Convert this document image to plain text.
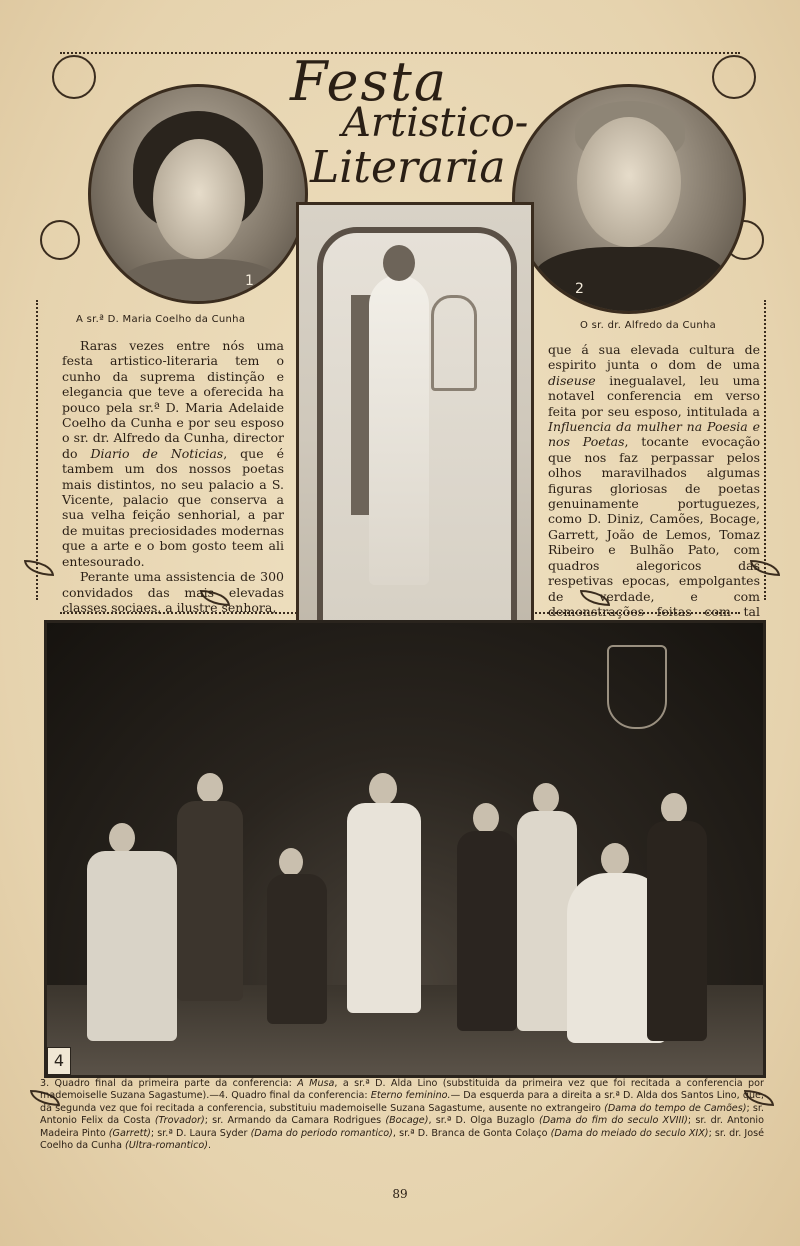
Festa
Artistico-
Literaria
1
A sr.ª D. Maria Coelho da Cunha
2
O sr. dr. Alfredo da Cunha

Raras vezes entre nós uma festa artistico-literaria tem o cunho da suprema distinção e elegancia que teve a oferecida ha pouco pela sr.ª D. Maria Adelaide Coelho da Cunha e por seu esposo o sr. dr. Alfredo da Cunha, director do Diario de Noticias, que é tambem um dos nossos poetas mais distintos, no seu palacio a S. Vicente, palacio que conserva a sua velha feição senhorial, a par de muitas preciosidades modernas que a arte e o bom gosto teem ali entesourado.

Perante uma assistencia de 300 convidados das mais elevadas classes sociaes, a ilustre senhora,

que á sua elevada cultura de espirito junta o dom de uma diseuse inegualavel, leu uma notavel conferencia em verso feita por seu esposo, intitulada a Influencia da mulher na Poesia e nos Poetas, tocante evocação que nos faz perpassar pelos olhos maravilhados algumas figuras gloriosas de poetas genuinamente portuguezes, como D. Diniz, Camões, Bocage, Garrett, João de Lemos, Tomaz Ribeiro e Bulhão Pato, com quadros alegoricos das respetivas epocas, empolgantes de verdade, e com demonstrações feitas com tal

4
3. Quadro final da primeira parte da conferencia: A Musa, a sr.ª D. Alda Lino (substituida da primeira vez que foi recitada a conferencia por mademoiselle Suzana Sagastume).—4. Quadro final da conferencia: Eterno feminino.— Da esquerda para a direita a sr.ª D. Alda dos Santos Lino, que, da segunda vez que foi recitada a conferencia, substituiu mademoiselle Suzana Sagastume, ausente no extrangeiro (Dama do tempo de Camões); sr. Antonio Felix da Costa (Trovador); sr. Armando da Camara Rodrigues (Bocage), sr.ª D. Olga Buzaglo (Dama do fim do seculo XVIII); sr. dr. Antonio Madeira Pinto (Garrett); sr.ª D. Laura Syder (Dama do periodo romantico), sr.ª D. Branca de Gonta Colaço (Dama do meiado do seculo XIX); sr. dr. José Coelho da Cunha (Ultra-romantico).
89
